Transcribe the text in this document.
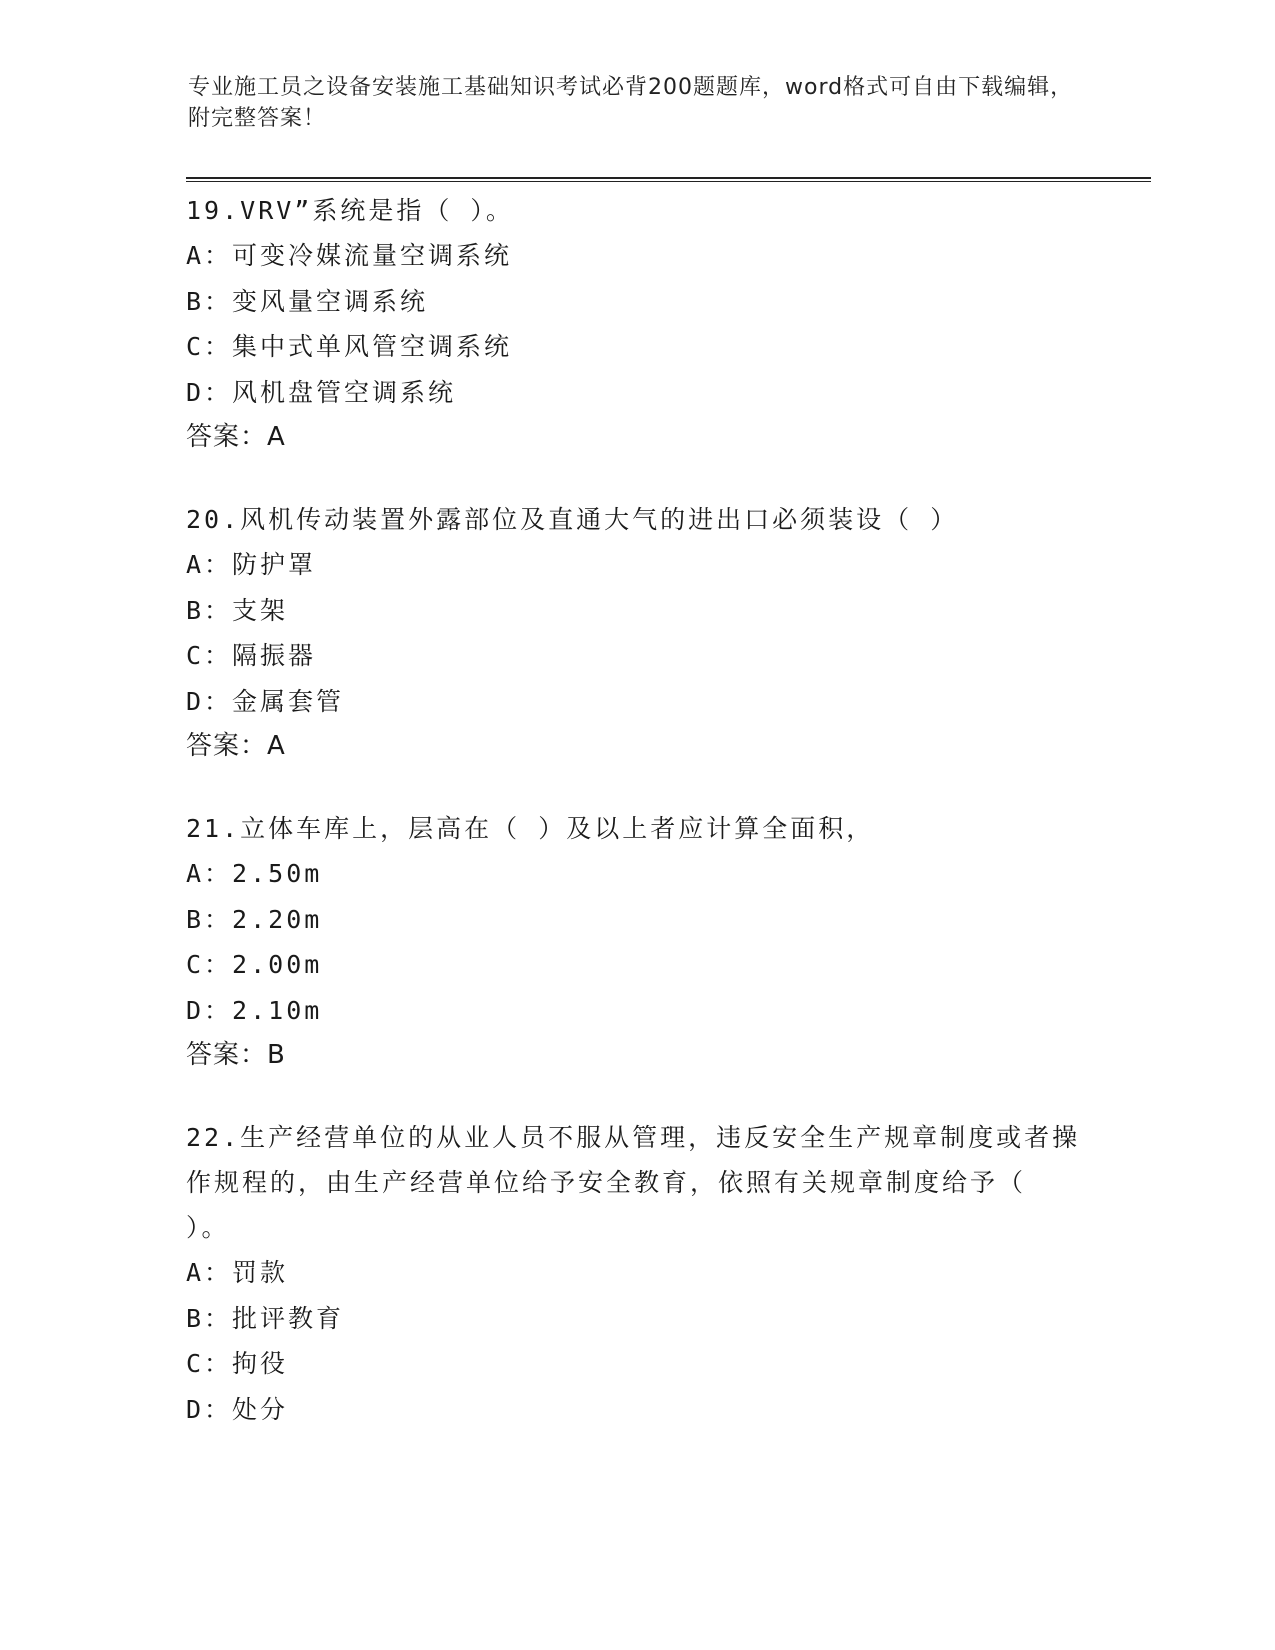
专业施工员之设备安装施工基础知识考试必背200题题库，word格式可自由下载编辑，附完整答案！
19.VRV”系统是指（ ）。
A：可变冷媒流量空调系统
B：变风量空调系统
C：集中式单风管空调系统
D：风机盘管空调系统
答案：A
20.风机传动装置外露部位及直通大气的进出口必须装设（ ）
A：防护罩
B：支架
C：隔振器
D：金属套管
答案：A
21.立体车库上，层高在（ ）及以上者应计算全面积，
A：2.50m
B：2.20m
C：2.00m
D：2.10m
答案：B
22.生产经营单位的从业人员不服从管理，违反安全生产规章制度或者操作规程的，由生产经营单位给予安全教育，依照有关规章制度给予（ ）。
A：罚款
B：批评教育
C：拘役
D：处分
